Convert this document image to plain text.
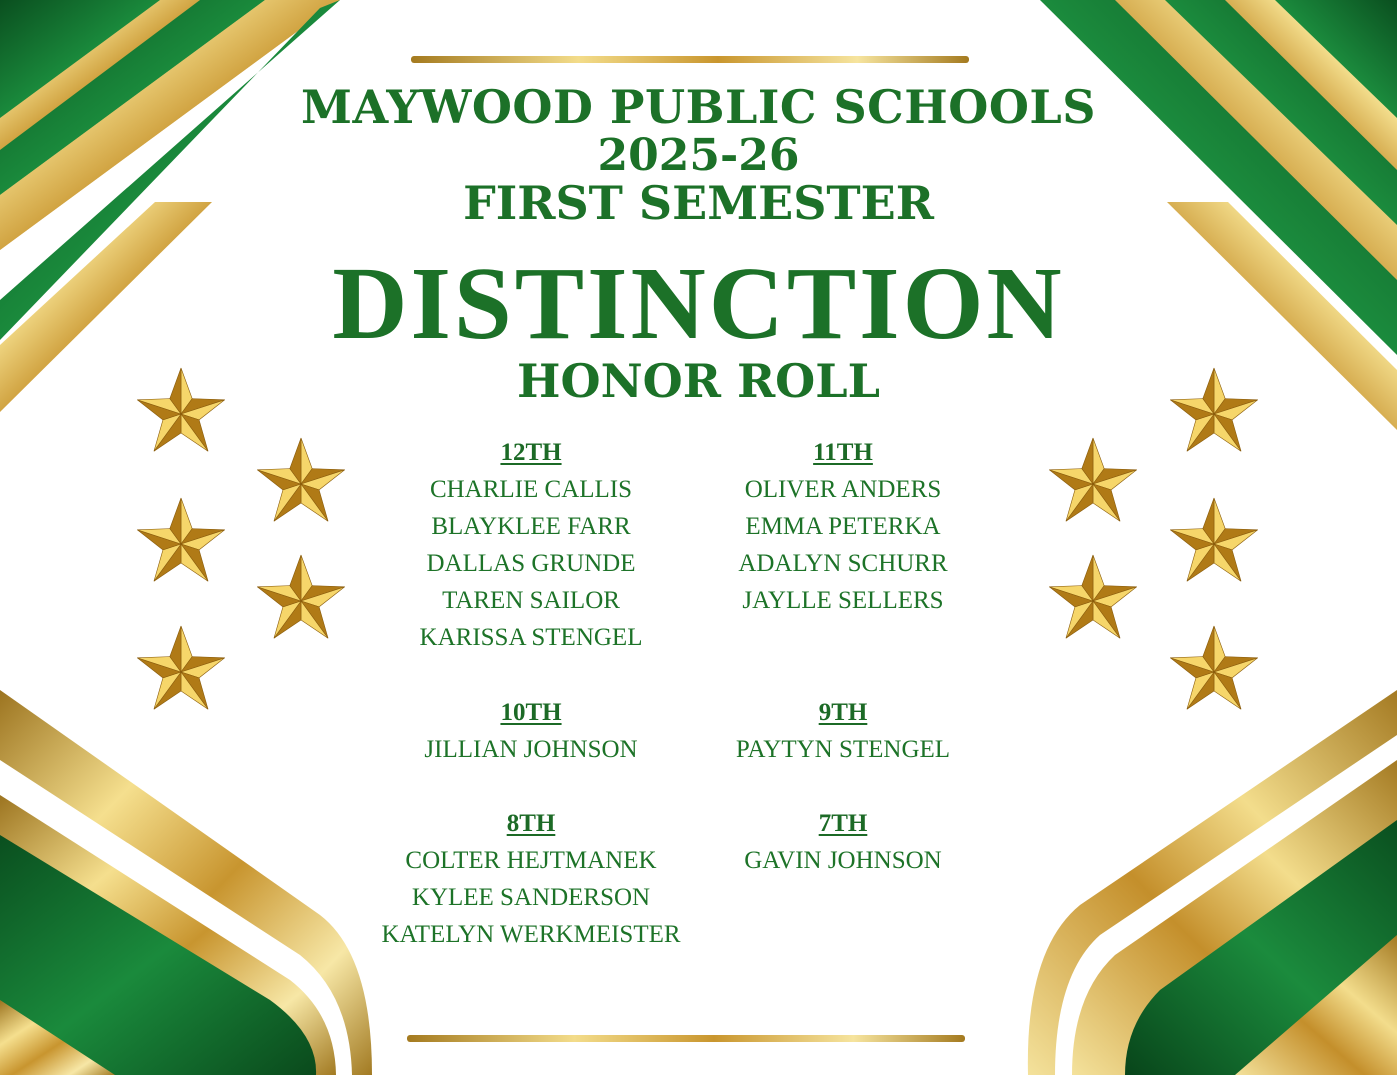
MAYWOOD PUBLIC SCHOOLS
2025-26
FIRST SEMESTER
DISTINCTION
HONOR ROLL
12TH
CHARLIE CALLIS
BLAYKLEE FARR
DALLAS GRUNDE
TAREN SAILOR
KARISSA STENGEL
11TH
OLIVER ANDERS
EMMA PETERKA
ADALYN SCHURR
JAYLLE SELLERS
10TH
JILLIAN JOHNSON
9TH
PAYTYN STENGEL
8TH
COLTER HEJTMANEK
KYLEE SANDERSON
KATELYN WERKMEISTER
7TH
GAVIN JOHNSON
